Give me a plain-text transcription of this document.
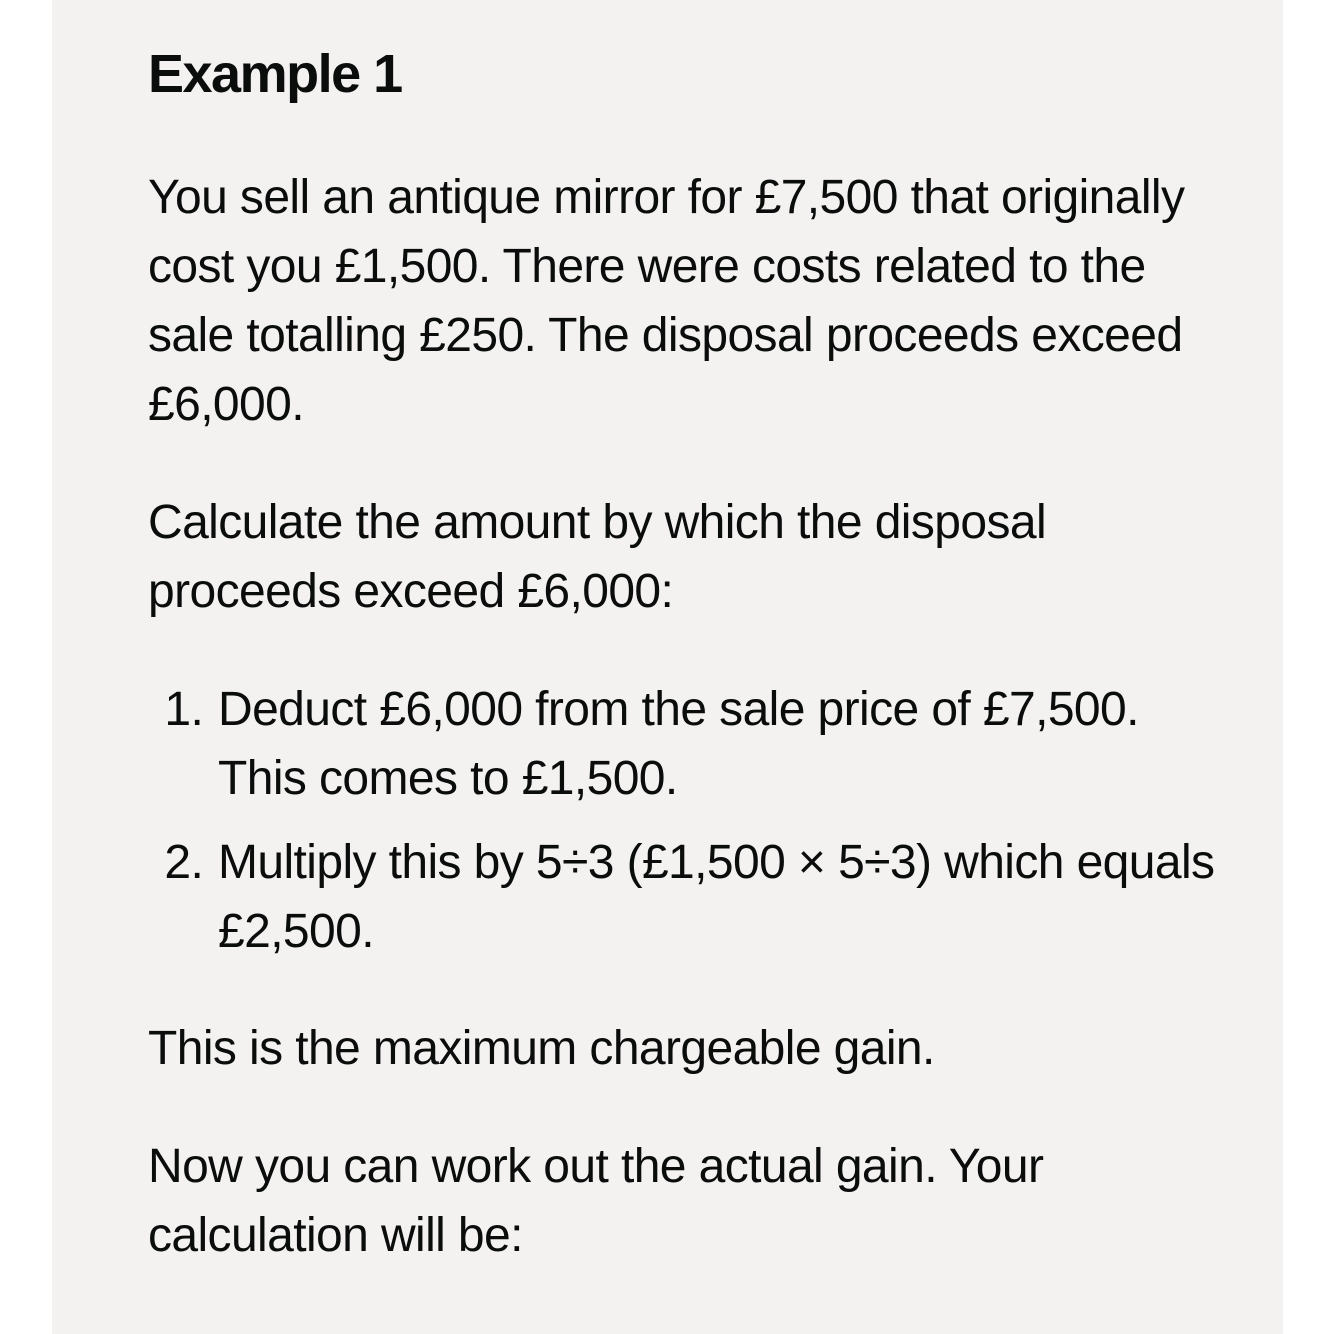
Example 1

You sell an antique mirror for £7,500 that originally cost you £1,500. There were costs related to the sale totalling £250. The disposal proceeds exceed £6,000.

Calculate the amount by which the disposal proceeds exceed £6,000:

1. Deduct £6,000 from the sale price of £7,500. This comes to £1,500.
2. Multiply this by 5÷3 (£1,500 × 5÷3) which equals £2,500.

This is the maximum chargeable gain.

Now you can work out the actual gain. Your calculation will be:
